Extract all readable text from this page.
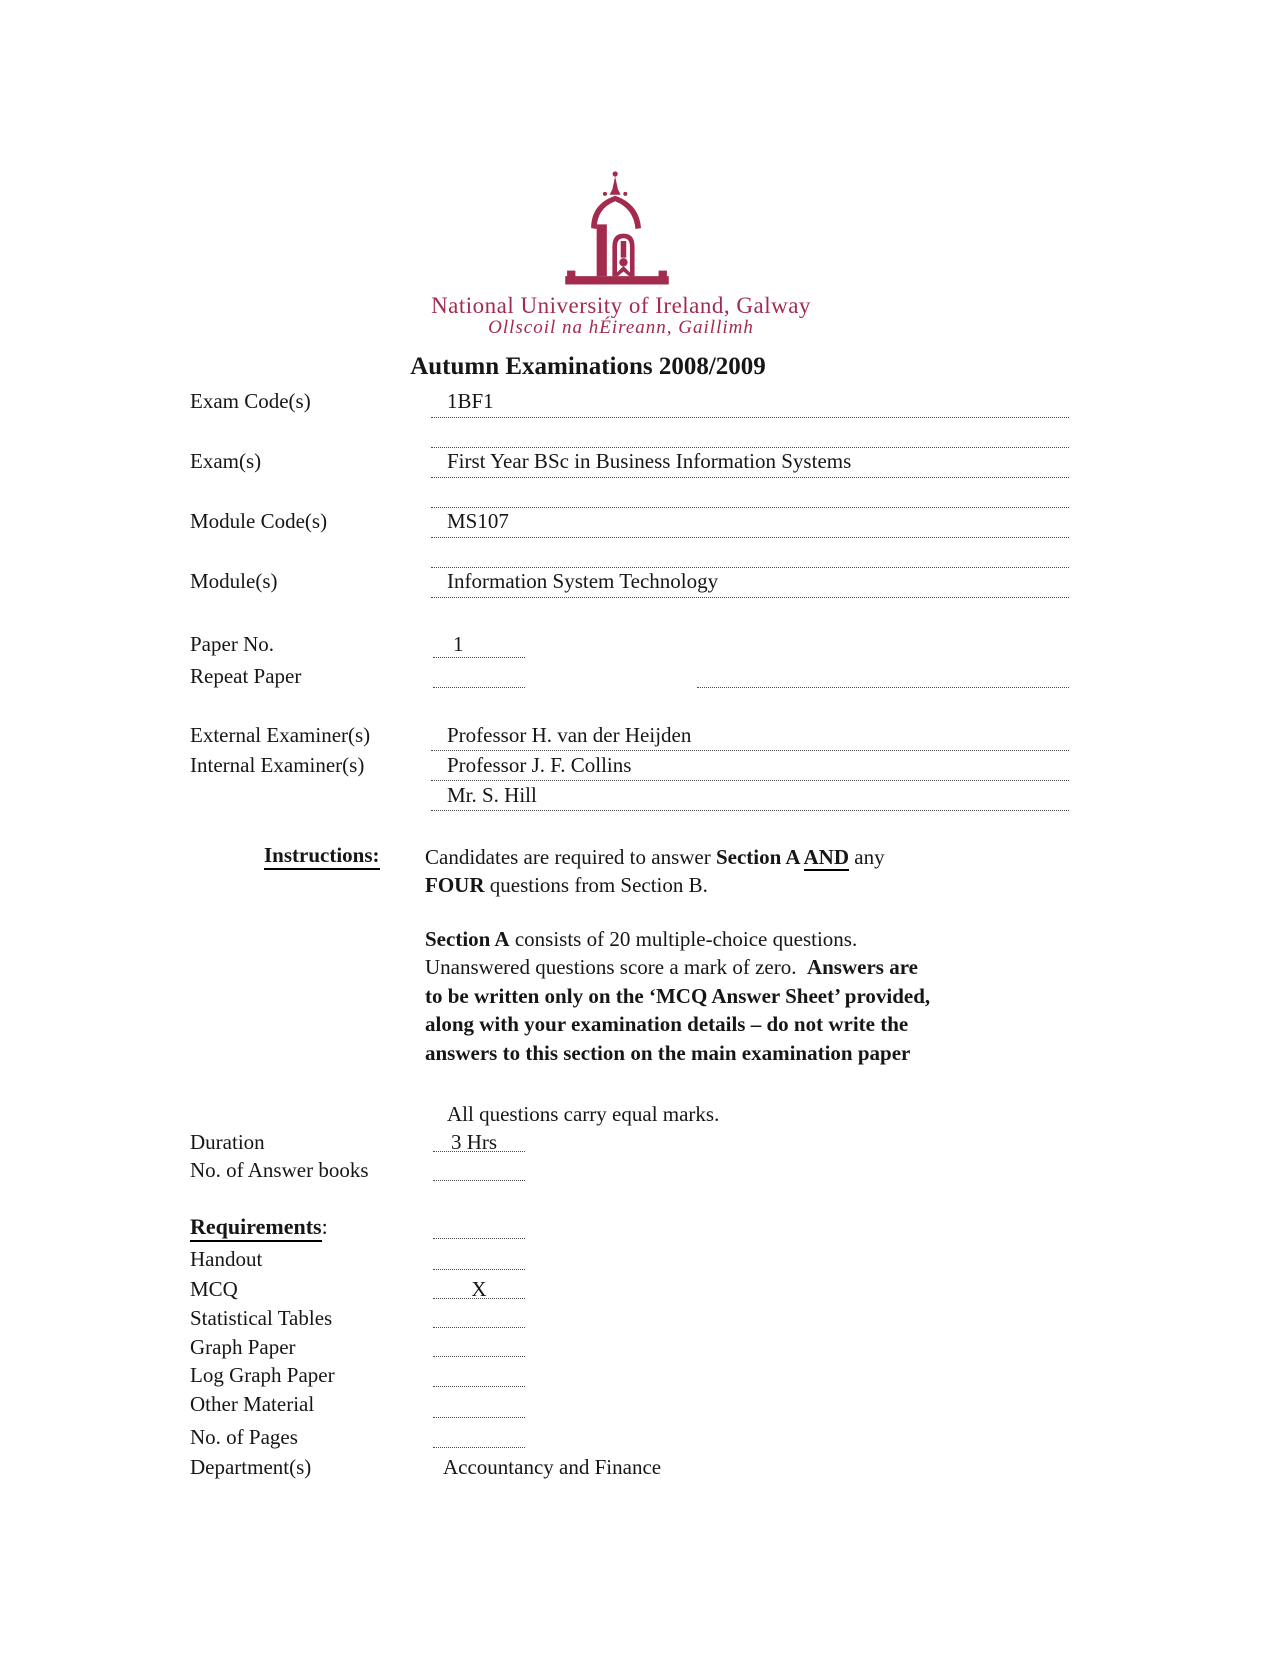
National University of Ireland, Galway
Ollscoil na hÉireann, Gaillimh
Autumn Examinations 2008/2009
Exam Code(s)	1BF1
Exam(s)	First Year BSc in Business Information Systems
Module Code(s)	MS107
Module(s)	Information System Technology
Paper No.	1
Repeat Paper
External Examiner(s)	Professor H. van der Heijden
Internal Examiner(s)	Professor J. F. Collins
Mr. S. Hill
Instructions: Candidates are required to answer Section A AND any
FOUR questions from Section B.
Section A consists of 20 multiple-choice questions.
Unanswered questions score a mark of zero.  Answers are
to be written only on the ‘MCQ Answer Sheet’ provided,
along with your examination details – do not write the
answers to this section on the main examination paper
All questions carry equal marks.
Duration	3 Hrs
No. of Answer books
Requirements:
Handout
MCQ	X
Statistical Tables
Graph Paper
Log Graph Paper
Other Material
No. of Pages
Department(s)	Accountancy and Finance
